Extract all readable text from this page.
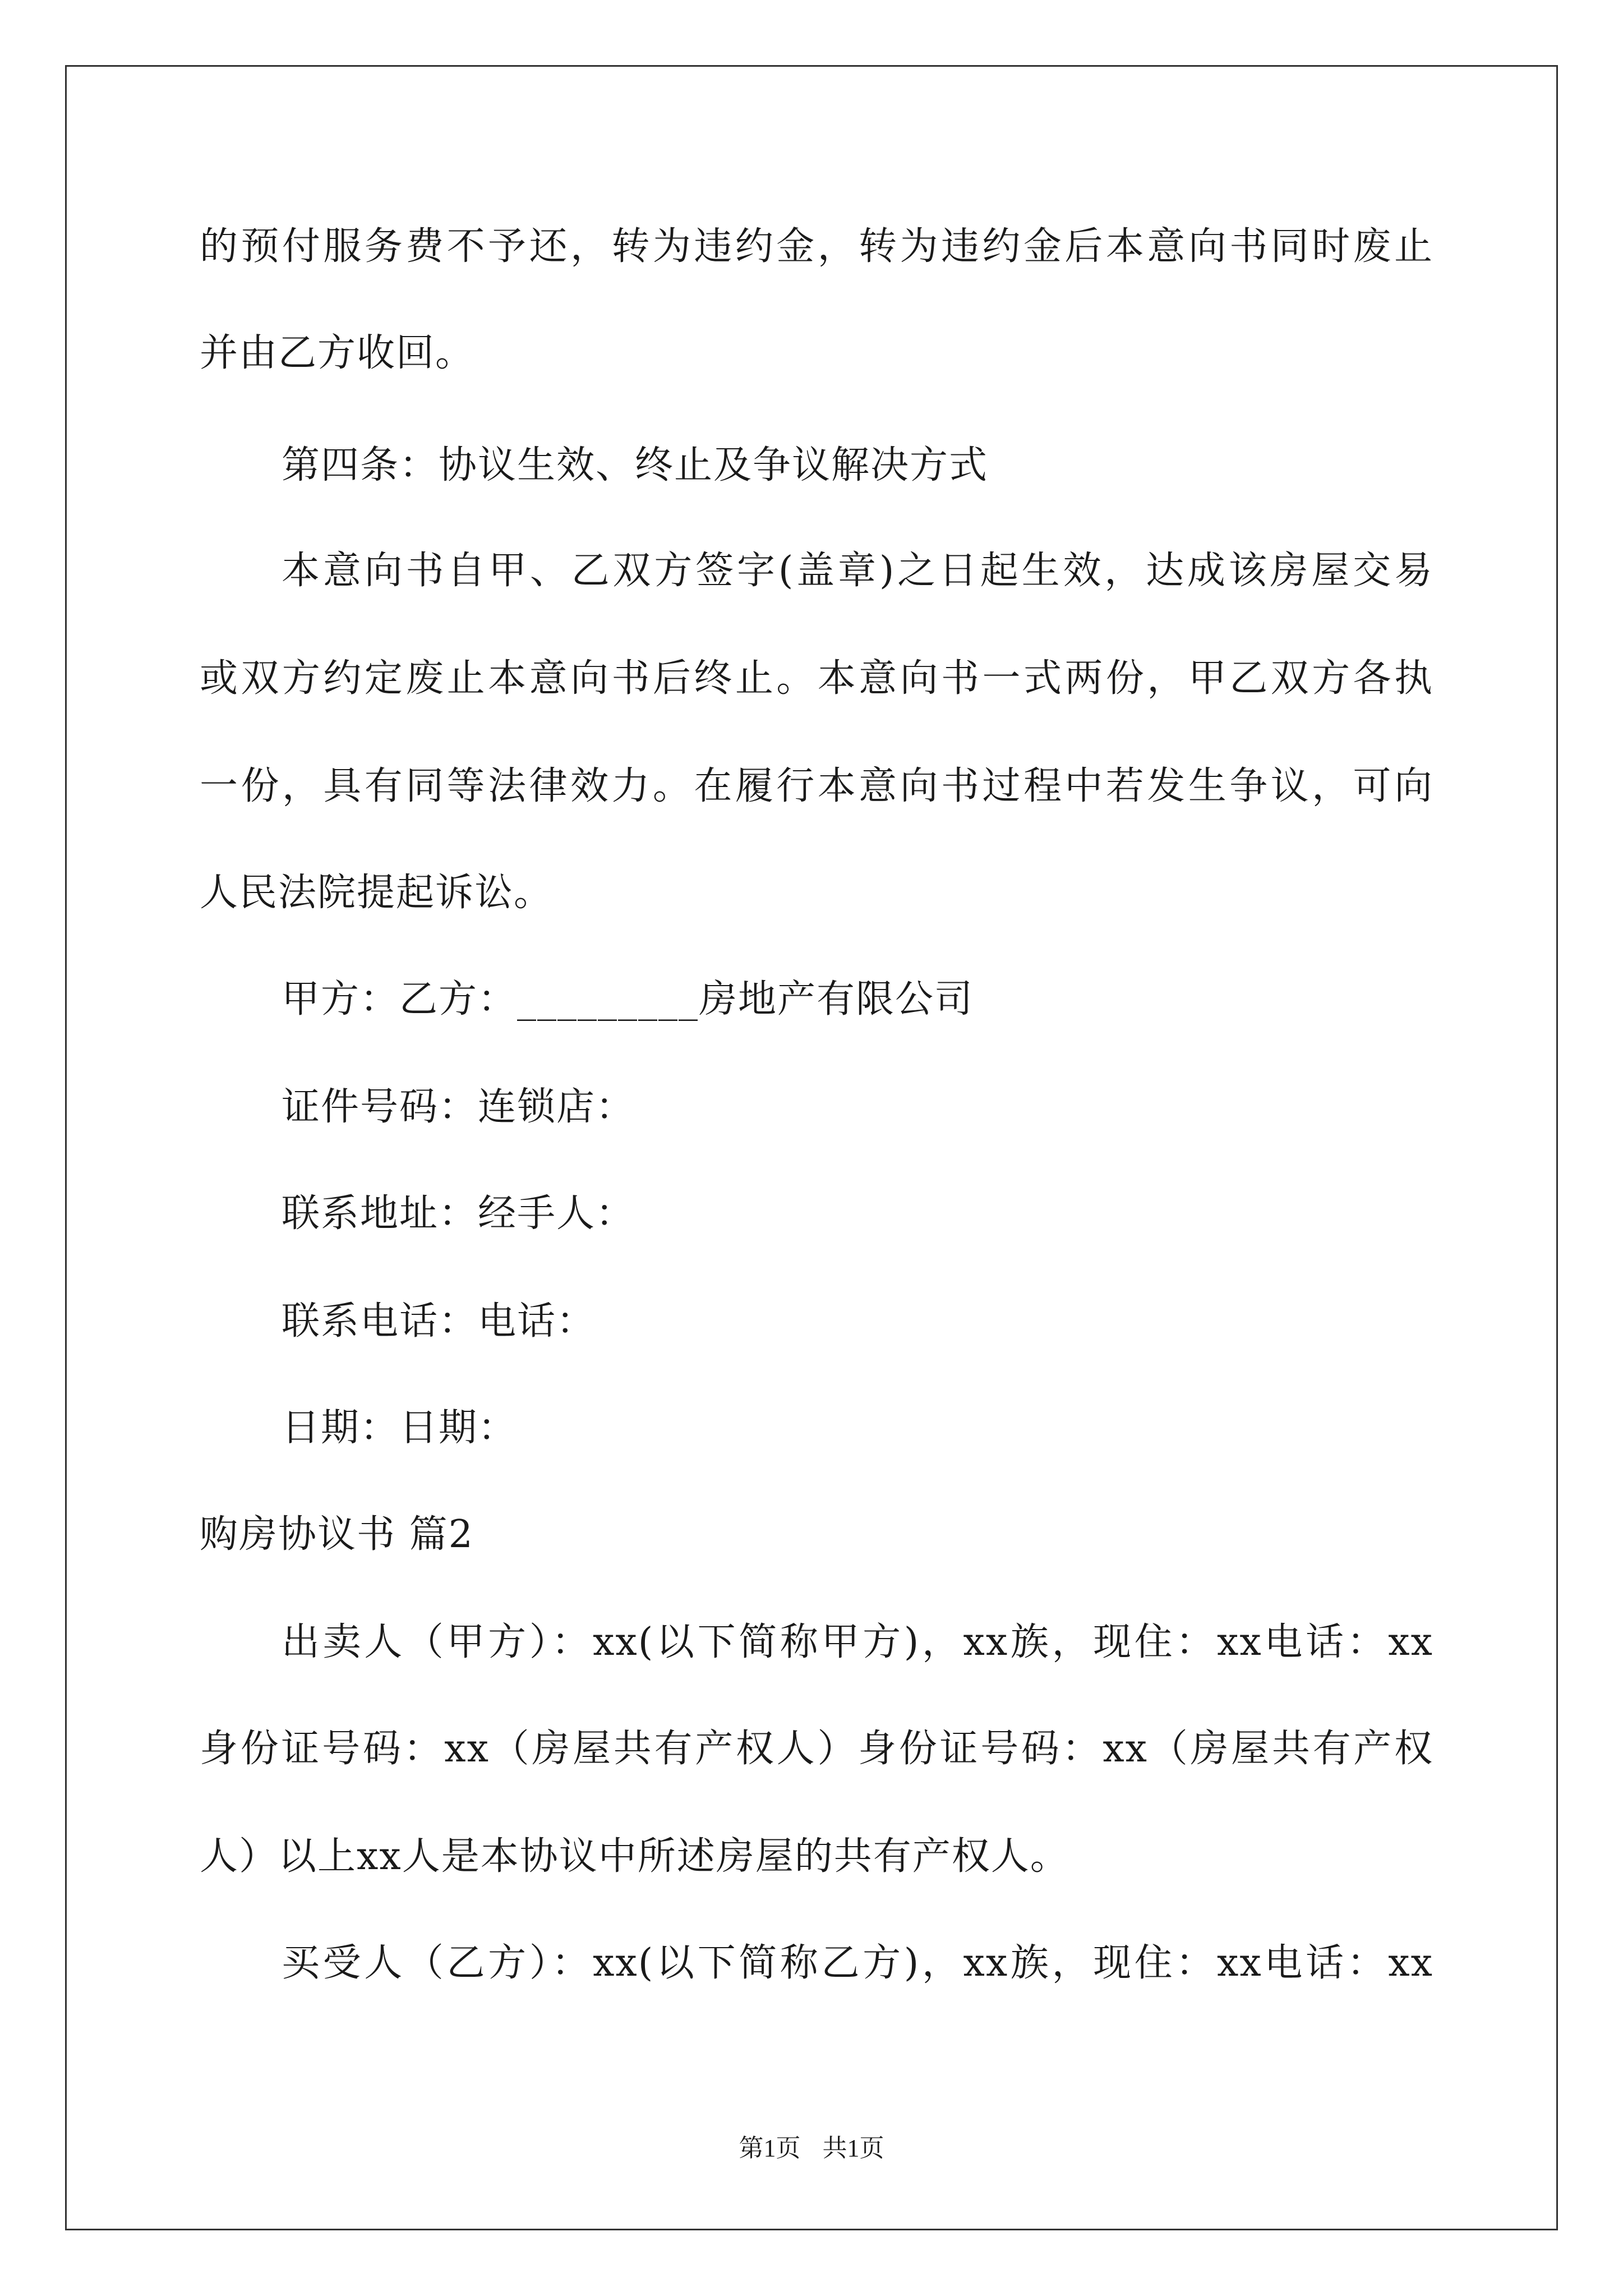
的预付服务费不予还，转为违约金，转为违约金后本意向书同时废止
并由乙方收回。
第四条：协议生效、终止及争议解决方式
本意向书自甲、乙双方签字(盖章)之日起生效，达成该房屋交易
或双方约定废止本意向书后终止。本意向书一式两份，甲乙双方各执
一份，具有同等法律效力。在履行本意向书过程中若发生争议，可向
人民法院提起诉讼。
甲方：乙方：_________房地产有限公司
证件号码：连锁店：
联系地址：经手人：
联系电话：电话：
日期：日期：
购房协议书 篇2
出卖人（甲方）：xx(以下简称甲方)，xx族，现住：xx电话：xx
身份证号码：xx（房屋共有产权人）身份证号码：xx（房屋共有产权
人）以上xx人是本协议中所述房屋的共有产权人。
买受人（乙方）：xx(以下简称乙方)，xx族，现住：xx电话：xx
第1页 共1页
